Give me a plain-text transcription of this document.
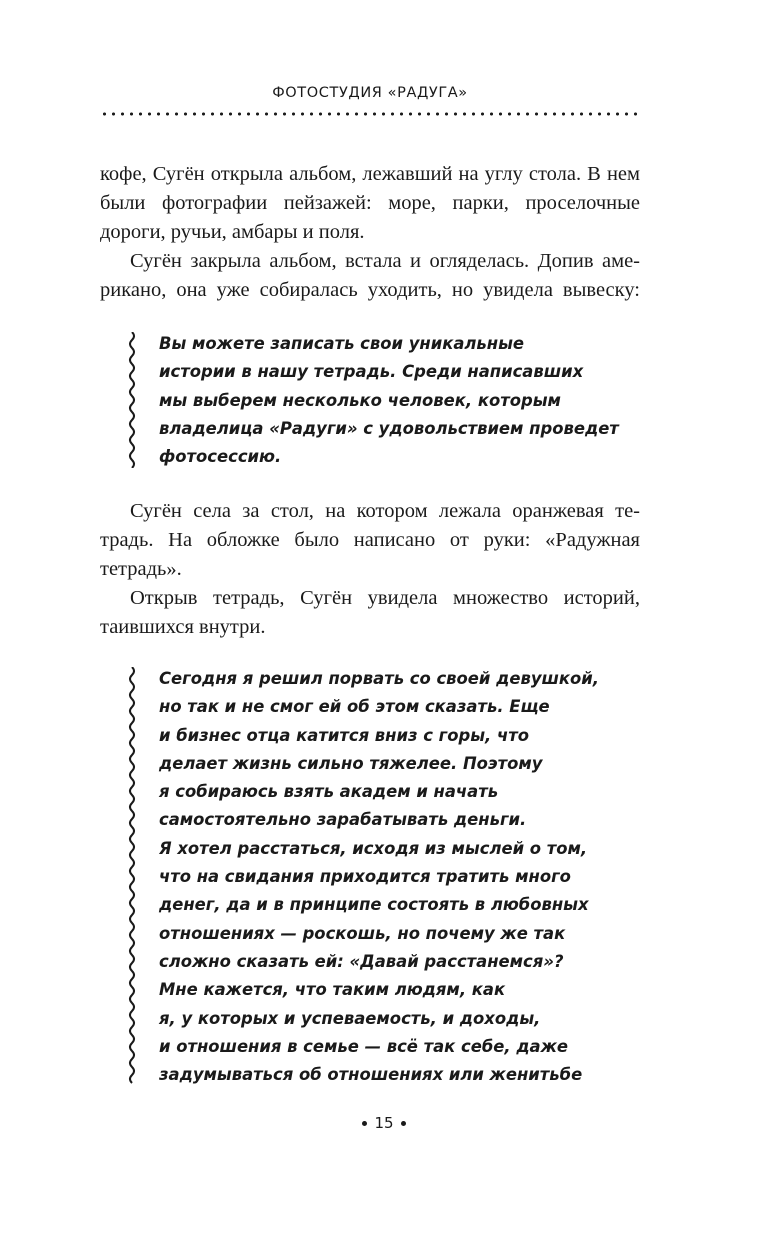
ФОТОСТУДИЯ «РАДУГА»
кофе, Сугён открыла альбом, лежавший на углу стола. В нем
были фотографии пейзажей: море, парки, проселочные
дороги, ручьи, амбары и поля.
Сугён закрыла альбом, встала и огляделась. Допив аме-
рикано, она уже собиралась уходить, но увидела вывеску:
Вы можете записать свои уникальные
истории в нашу тетрадь. Среди написавших
мы выберем несколько человек, которым
владелица «Радуги» с удовольствием проведет
фотосессию.
Сугён села за стол, на котором лежала оранжевая те-
традь. На обложке было написано от руки: «Радужная
тетрадь».
Открыв тетрадь, Сугён увидела множество историй,
таившихся внутри.
Сегодня я решил порвать со своей девушкой,
но так и не смог ей об этом сказать. Еще
и бизнес отца катится вниз с горы, что
делает жизнь сильно тяжелее. Поэтому
я собираюсь взять академ и начать
самостоятельно зарабатывать деньги.
Я хотел расстаться, исходя из мыслей о том,
что на свидания приходится тратить много
денег, да и в принципе состоять в любовных
отношениях — роскошь, но почему же так
сложно сказать ей: «Давай расстанемся»?
Мне кажется, что таким людям, как
я, у которых и успеваемость, и доходы,
и отношения в семье — всё так себе, даже
задумываться об отношениях или женитьбе
15
